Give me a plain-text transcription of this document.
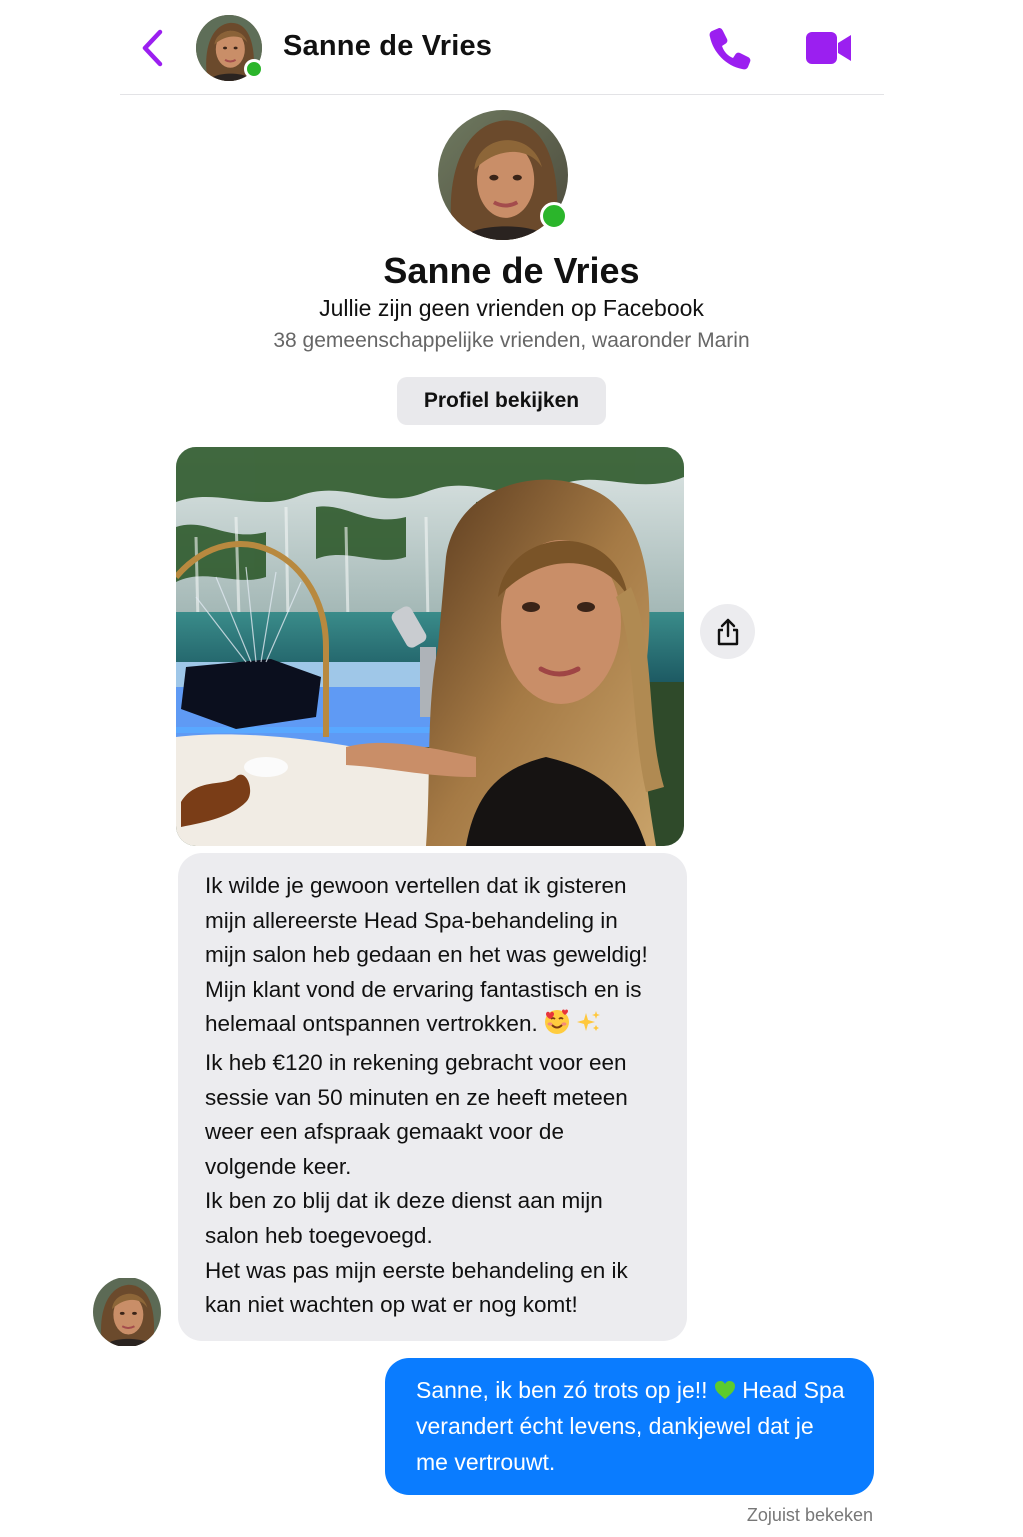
Sanne de Vries
Sanne de Vries
Jullie zijn geen vrienden op Facebook
38 gemeenschappelijke vrienden, waaronder Marin
Profiel bekijken
Ik wilde je gewoon vertellen dat ik gisteren
mijn allereerste Head Spa-behandeling in
mijn salon heb gedaan en het was geweldig!
Mijn klant vond de ervaring fantastisch en is
helemaal ontspannen vertrokken.
Ik heb €120 in rekening gebracht voor een
sessie van 50 minuten en ze heeft meteen
weer een afspraak gemaakt voor de
volgende keer.
Ik ben zo blij dat ik deze dienst aan mijn
salon heb toegevoegd.
Het was pas mijn eerste behandeling en ik
kan niet wachten op wat er nog komt!
Sanne, ik ben zó trots op je!! Head Spa
verandert écht levens, dankjewel dat je
me vertrouwt.
Zojuist bekeken
